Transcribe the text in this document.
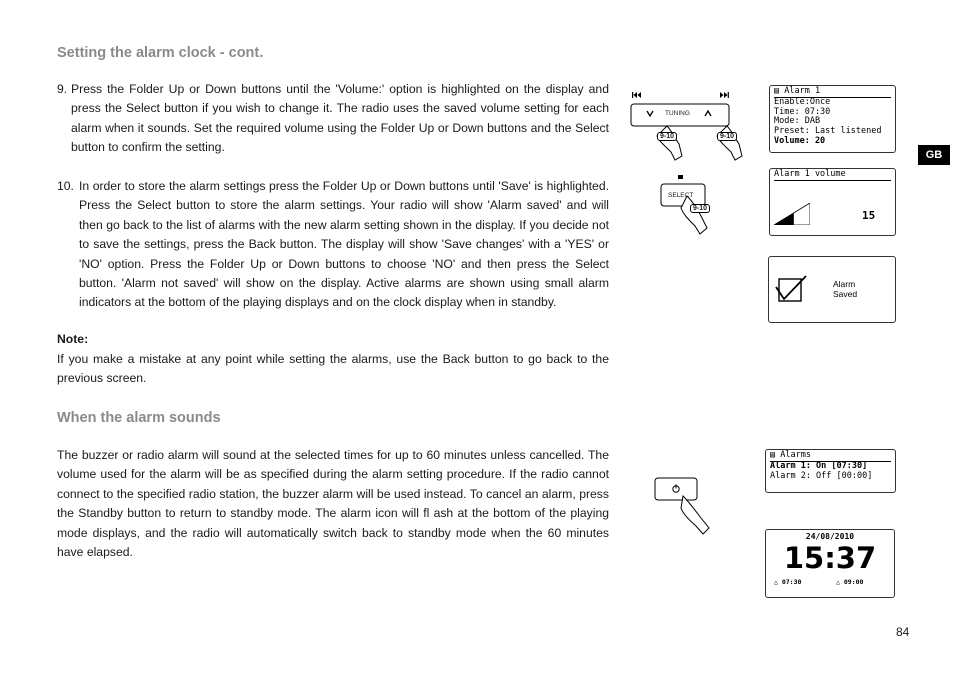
Setting the alarm clock - cont.
9. Press the Folder Up or Down buttons until the 'Volume:' option is highlighted on the display and press the Select button if you wish to change it. The radio uses the saved volume setting for each alarm when it sounds. Set the required volume using the Folder Up or Down buttons and the Select button to confirm the setting.
10. In order to store the alarm settings press the Folder Up or Down buttons until 'Save' is highlighted. Press the Select button to store the alarm settings. Your radio will show 'Alarm saved' and will then go back to the list of alarms with the new alarm setting shown in the display. If you decide not to save the settings, press the Back button. The display will show 'Save changes' with a 'YES' or 'NO' option. Press the Folder Up or Down buttons to choose 'NO' and then press the Select button. 'Alarm not saved' will show on the display. Active alarms are shown using small alarm indicators at the bottom of the playing displays and on the clock display when in standby.
Note:
If you make a mistake at any point while setting the alarms, use the Back button to go back to the previous screen.
When the alarm sounds
The buzzer or radio alarm will sound at the selected times for up to 60 minutes unless cancelled. The volume used for the alarm will be as specified during the alarm setting procedure. If the radio cannot connect to the specified radio station, the buzzer alarm will be used instead. To cancel an alarm, press the Standby button to return to standby mode. The alarm icon will fl ash at the bottom of the playing mode displays, and the radio will automatically switch back to standby mode when the 60 minutes have elapsed.
GB
84
TUNING
9-10	9-10
SELECT
9-10
▤ Alarm 1
Enable:Once
Time: 07:30
Mode: DAB
Preset: Last listened
Volume: 20
Alarm 1 volume
15
Alarm
Saved
▤ Alarms
Alarm 1: On [07:30]
Alarm 2: Off [00:00]
24/08/2010
15:37
△ 07:30	△ 09:00
